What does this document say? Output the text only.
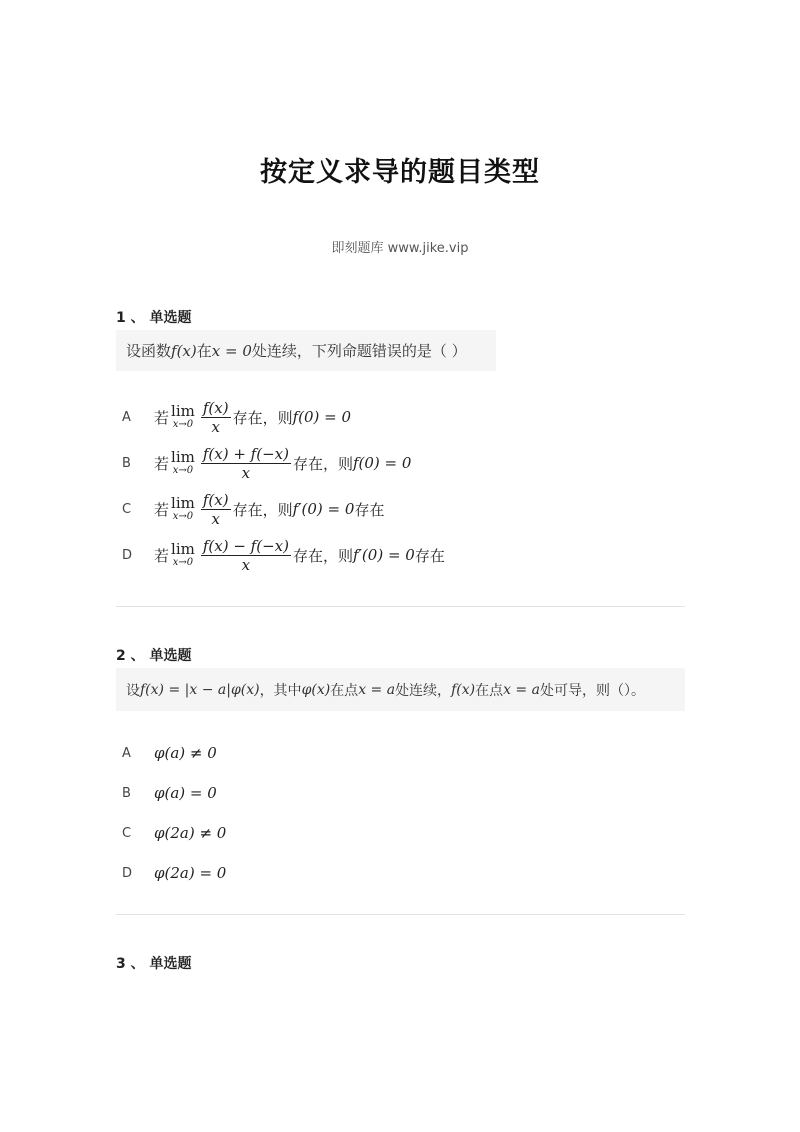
按定义求导的题目类型
即刻题库 www.jike.vip
1 、 单选题
设函数 f(x) 在 x = 0 处连续，下列命题错误的是（ ）
A	若 lim
$x\to 0 \frac{f(x)}{x}$ 存在，则 f(0) = 0
B	若 lim
$x\to 0 \frac{f(x) + f(-x)}{x}$ 存在，则 f(0) = 0
C	若 lim
$x\to 0 \frac{f(x)}{x}$ 存在，则 f′(0) = 0 存在
D	若 lim
$x\to 0 \frac{f(x) - f(-x)}{x}$ 存在，则 f′(0) = 0 存在
2 、 单选题
设 f(x) = |x − a|φ(x) ，其中 φ(x) 在点 x = a 处连续， f(x) 在点 x = a 处可导，则（）。
A	φ(a) ≠ 0
B	φ(a) = 0
C	φ(2a) ≠ 0
D	φ(2a) = 0
3 、 单选题
